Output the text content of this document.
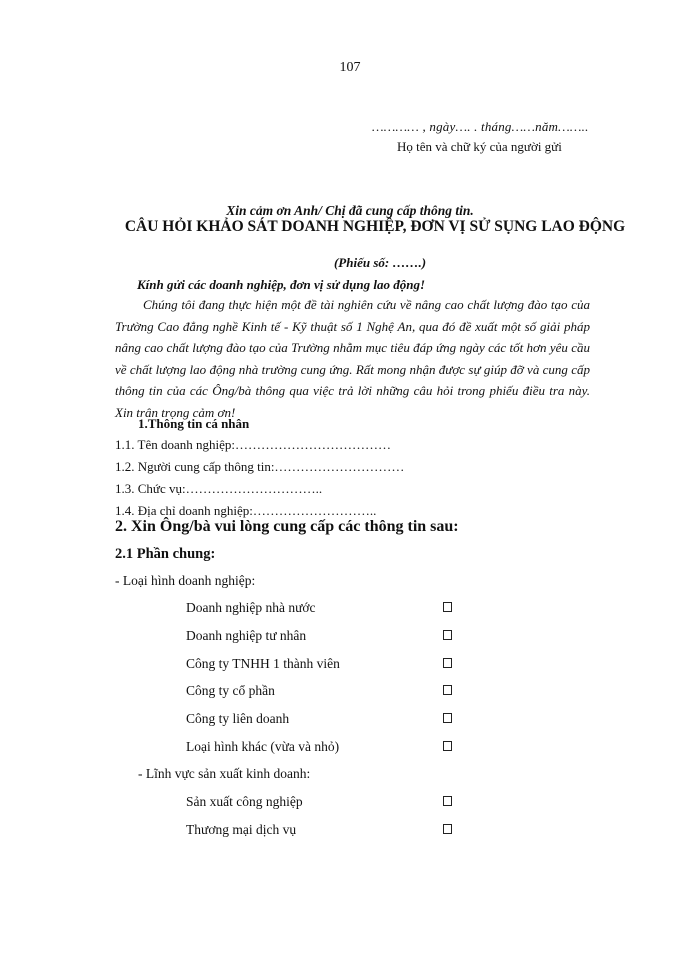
107
………… , ngày…. . tháng……năm……..
Họ tên và chữ ký của người gửi
Xin cảm ơn Anh/ Chị đã cung cấp thông tin.
CÂU HỎI KHẢO SÁT DOANH NGHIỆP, ĐƠN VỊ SỬ SỤNG LAO ĐỘNG
(Phiếu số: …….)
Kính gửi các doanh nghiệp, đơn vị sử dụng lao động!

Chúng tôi đang thực hiện một đề tài nghiên cứu về nâng cao chất lượng đào tạo của Trường Cao đẳng nghề Kinh tế - Kỹ thuật số 1 Nghệ An, qua đó đề xuất một số giải pháp nâng cao chất lượng đào tạo của Trường nhằm mục tiêu đáp ứng ngày các tốt hơn yêu cầu về chất lượng lao động nhà trường cung ứng. Rất mong nhận được sự giúp đỡ và cung cấp thông tin của các Ông/bà thông qua việc trả lời những câu hỏi trong phiếu điều tra này. Xin trân trọng cảm ơn!

1.Thông tin cá nhân
1.1. Tên doanh nghiệp:………………………………
1.2. Người cung cấp thông tin:…………………………
1.3. Chức vụ:…………………………..
1.4. Địa chỉ doanh nghiệp:………………………..
2. Xin Ông/bà vui lòng cung cấp các thông tin sau:
2.1 Phần chung:
- Loại hình doanh nghiệp:
Doanh nghiệp nhà nước
Doanh nghiệp tư nhân
Công ty TNHH 1 thành viên
Công ty cổ phần
Công ty liên doanh
Loại hình khác (vừa và nhỏ)
- Lĩnh vực sản xuất kinh doanh:
Sản xuất công nghiệp
Thương mại dịch vụ
